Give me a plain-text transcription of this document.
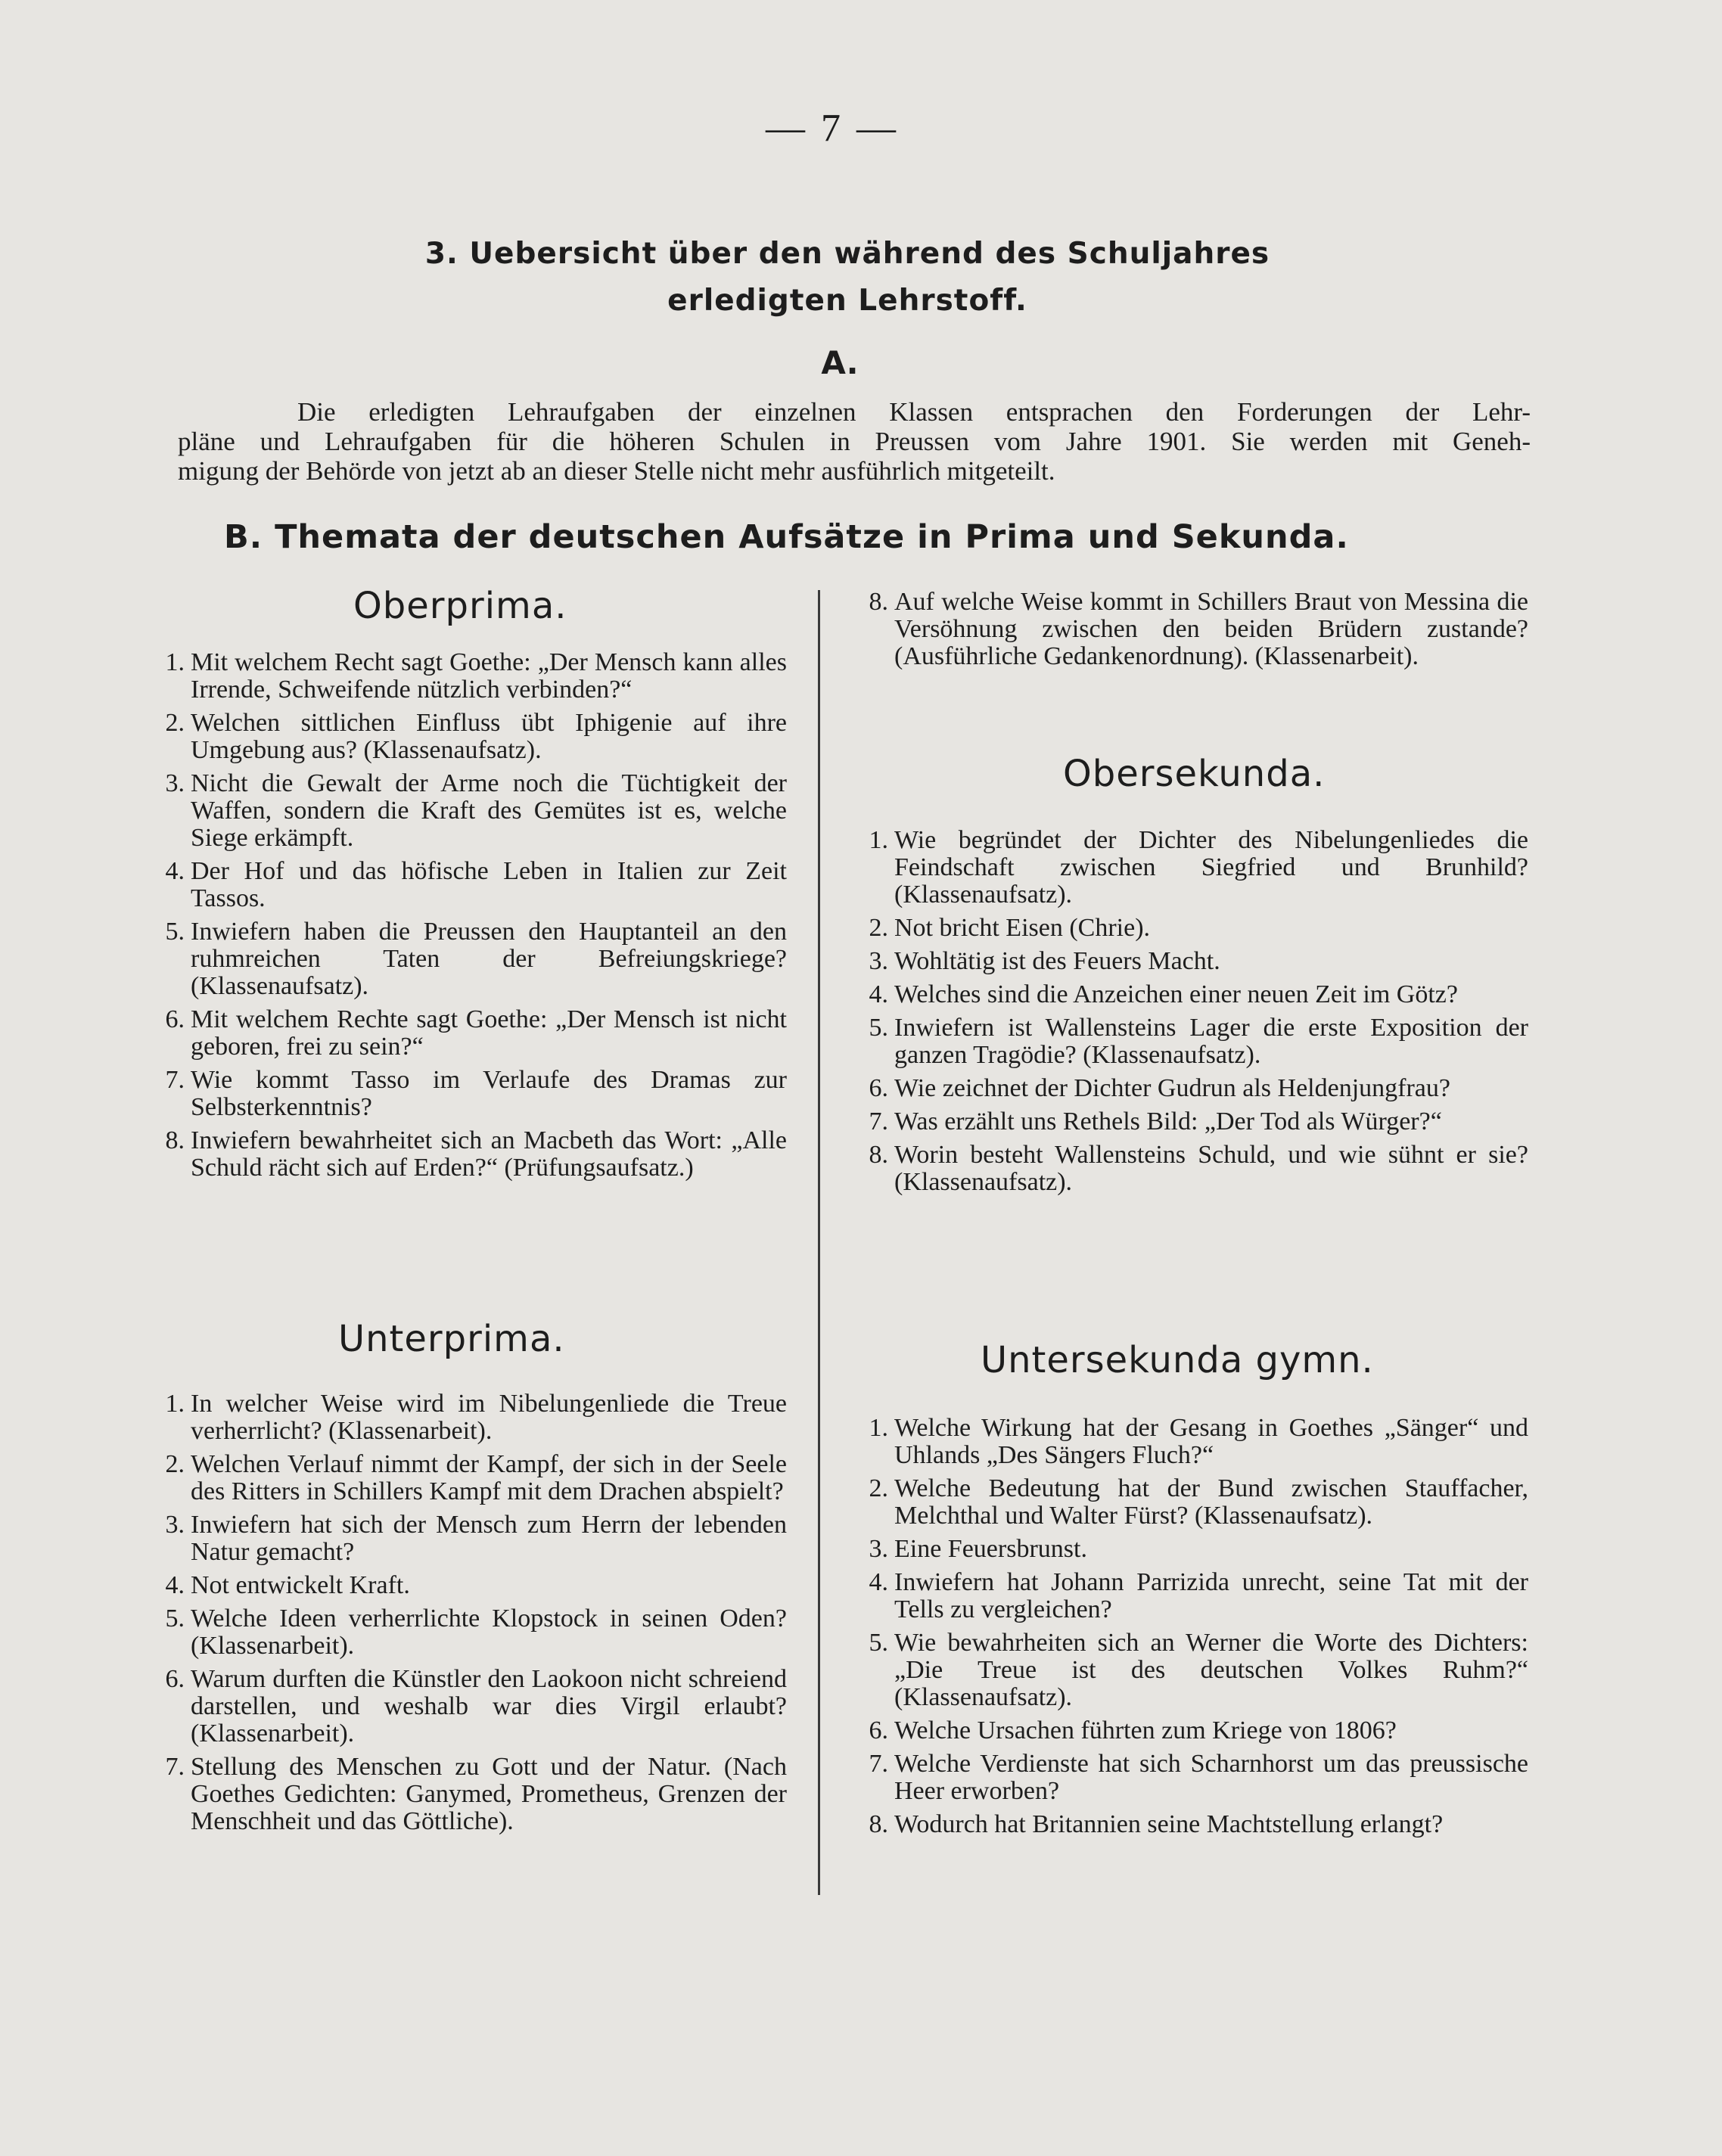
— 7 —
3. Uebersicht über den während des Schuljahres
erledigten Lehrstoff.
A.
Die erledigten Lehraufgaben der einzelnen Klassen entsprachen den Forderungen der Lehr-
pläne und Lehraufgaben für die höheren Schulen in Preussen vom Jahre 1901. Sie werden mit Geneh-
migung der Behörde von jetzt ab an dieser Stelle nicht mehr ausführlich mitgeteilt.
B. Themata der deutschen Aufsätze in Prima und Sekunda.
Oberprima.
1. Mit welchem Recht sagt Goethe: „Der Mensch kann alles Irrende, Schweifende nützlich verbinden?“
2. Welchen sittlichen Einfluss übt Iphigenie auf ihre Umgebung aus? (Klassenaufsatz).
3. Nicht die Gewalt der Arme noch die Tüchtigkeit der Waffen, sondern die Kraft des Gemütes ist es, welche Siege erkämpft.
4. Der Hof und das höfische Leben in Italien zur Zeit Tassos.
5. Inwiefern haben die Preussen den Hauptanteil an den ruhmreichen Taten der Befreiungskriege? (Klassenaufsatz).
6. Mit welchem Rechte sagt Goethe: „Der Mensch ist nicht geboren, frei zu sein?“
7. Wie kommt Tasso im Verlaufe des Dramas zur Selbsterkenntnis?
8. Inwiefern bewahrheitet sich an Macbeth das Wort: „Alle Schuld rächt sich auf Erden?“ (Prüfungsaufsatz.)
Unterprima.
1. In welcher Weise wird im Nibelungenliede die Treue verherrlicht? (Klassenarbeit).
2. Welchen Verlauf nimmt der Kampf, der sich in der Seele des Ritters in Schillers Kampf mit dem Drachen abspielt?
3. Inwiefern hat sich der Mensch zum Herrn der lebenden Natur gemacht?
4. Not entwickelt Kraft.
5. Welche Ideen verherrlichte Klopstock in seinen Oden? (Klassenarbeit).
6. Warum durften die Künstler den Laokoon nicht schreiend darstellen, und weshalb war dies Virgil erlaubt? (Klassenarbeit).
7. Stellung des Menschen zu Gott und der Natur. (Nach Goethes Gedichten: Ganymed, Prometheus, Grenzen der Menschheit und das Göttliche).
8. Auf welche Weise kommt in Schillers Braut von Messina die Versöhnung zwischen den beiden Brüdern zustande? (Ausführliche Gedankenordnung). (Klassenarbeit).
Obersekunda.
1. Wie begründet der Dichter des Nibelungenliedes die Feindschaft zwischen Siegfried und Brunhild? (Klassenaufsatz).
2. Not bricht Eisen (Chrie).
3. Wohltätig ist des Feuers Macht.
4. Welches sind die Anzeichen einer neuen Zeit im Götz?
5. Inwiefern ist Wallensteins Lager die erste Exposition der ganzen Tragödie? (Klassenaufsatz).
6. Wie zeichnet der Dichter Gudrun als Heldenjungfrau?
7. Was erzählt uns Rethels Bild: „Der Tod als Würger?“
8. Worin besteht Wallensteins Schuld, und wie sühnt er sie? (Klassenaufsatz).
Untersekunda gymn.
1. Welche Wirkung hat der Gesang in Goethes „Sänger“ und Uhlands „Des Sängers Fluch?“
2. Welche Bedeutung hat der Bund zwischen Stauffacher, Melchthal und Walter Fürst? (Klassenaufsatz).
3. Eine Feuersbrunst.
4. Inwiefern hat Johann Parrizida unrecht, seine Tat mit der Tells zu vergleichen?
5. Wie bewahrheiten sich an Werner die Worte des Dichters: „Die Treue ist des deutschen Volkes Ruhm?“ (Klassenaufsatz).
6. Welche Ursachen führten zum Kriege von 1806?
7. Welche Verdienste hat sich Scharnhorst um das preussische Heer erworben?
8. Wodurch hat Britannien seine Machtstellung erlangt?
